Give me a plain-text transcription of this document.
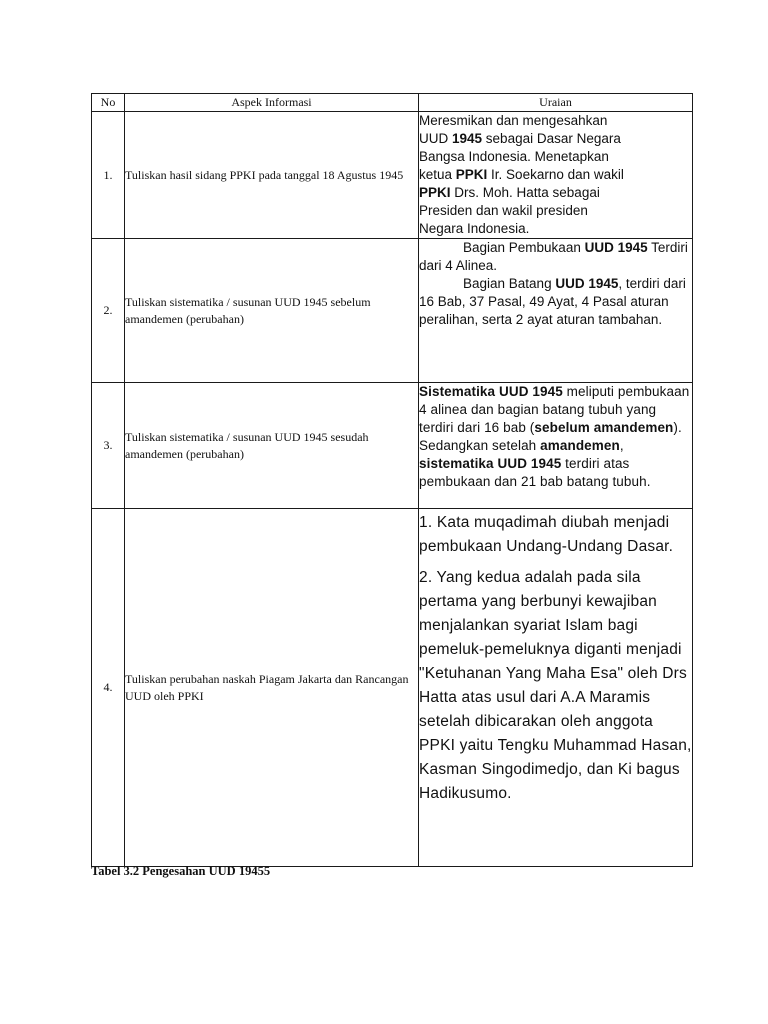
No	Aspek Informasi	Uraian
1.	Tuliskan hasil sidang PPKI pada tanggal 18 Agustus 1945	Meresmikan dan mengesahkan UUD 1945 sebagai Dasar Negara Bangsa Indonesia. Menetapkan ketua PPKI Ir. Soekarno dan wakil PPKI Drs. Moh. Hatta sebagai Presiden dan wakil presiden Negara Indonesia.

2.	Tuliskan sistematika / susunan UUD 1945 sebelum amandemen (perubahan)	Bagian Pembukaan UUD 1945 Terdiri dari 4 Alinea.
Bagian Batang UUD 1945, terdiri dari 16 Bab, 37 Pasal, 49 Ayat, 4 Pasal aturan peralihan, serta 2 ayat aturan tambahan.

3.	Tuliskan sistematika / susunan UUD 1945 sesudah amandemen (perubahan)	Sistematika UUD 1945 meliputi pembukaan 4 alinea dan bagian batang tubuh yang terdiri dari 16 bab (sebelum amandemen). Sedangkan setelah amandemen, sistematika UUD 1945 terdiri atas pembukaan dan 21 bab batang tubuh.

4.	Tuliskan perubahan naskah Piagam Jakarta dan Rancangan UUD oleh PPKI	1. Kata muqadimah diubah menjadi pembukaan Undang-Undang Dasar.

2. Yang kedua adalah pada sila pertama yang berbunyi kewajiban menjalankan syariat Islam bagi pemeluk-pemeluknya diganti menjadi "Ketuhanan Yang Maha Esa" oleh Drs Hatta atas usul dari A.A Maramis setelah dibicarakan oleh anggota PPKI yaitu Tengku Muhammad Hasan, Kasman Singodimedjo, dan Ki bagus Hadikusumo.

Tabel 3.2 Pengesahan UUD 19455
